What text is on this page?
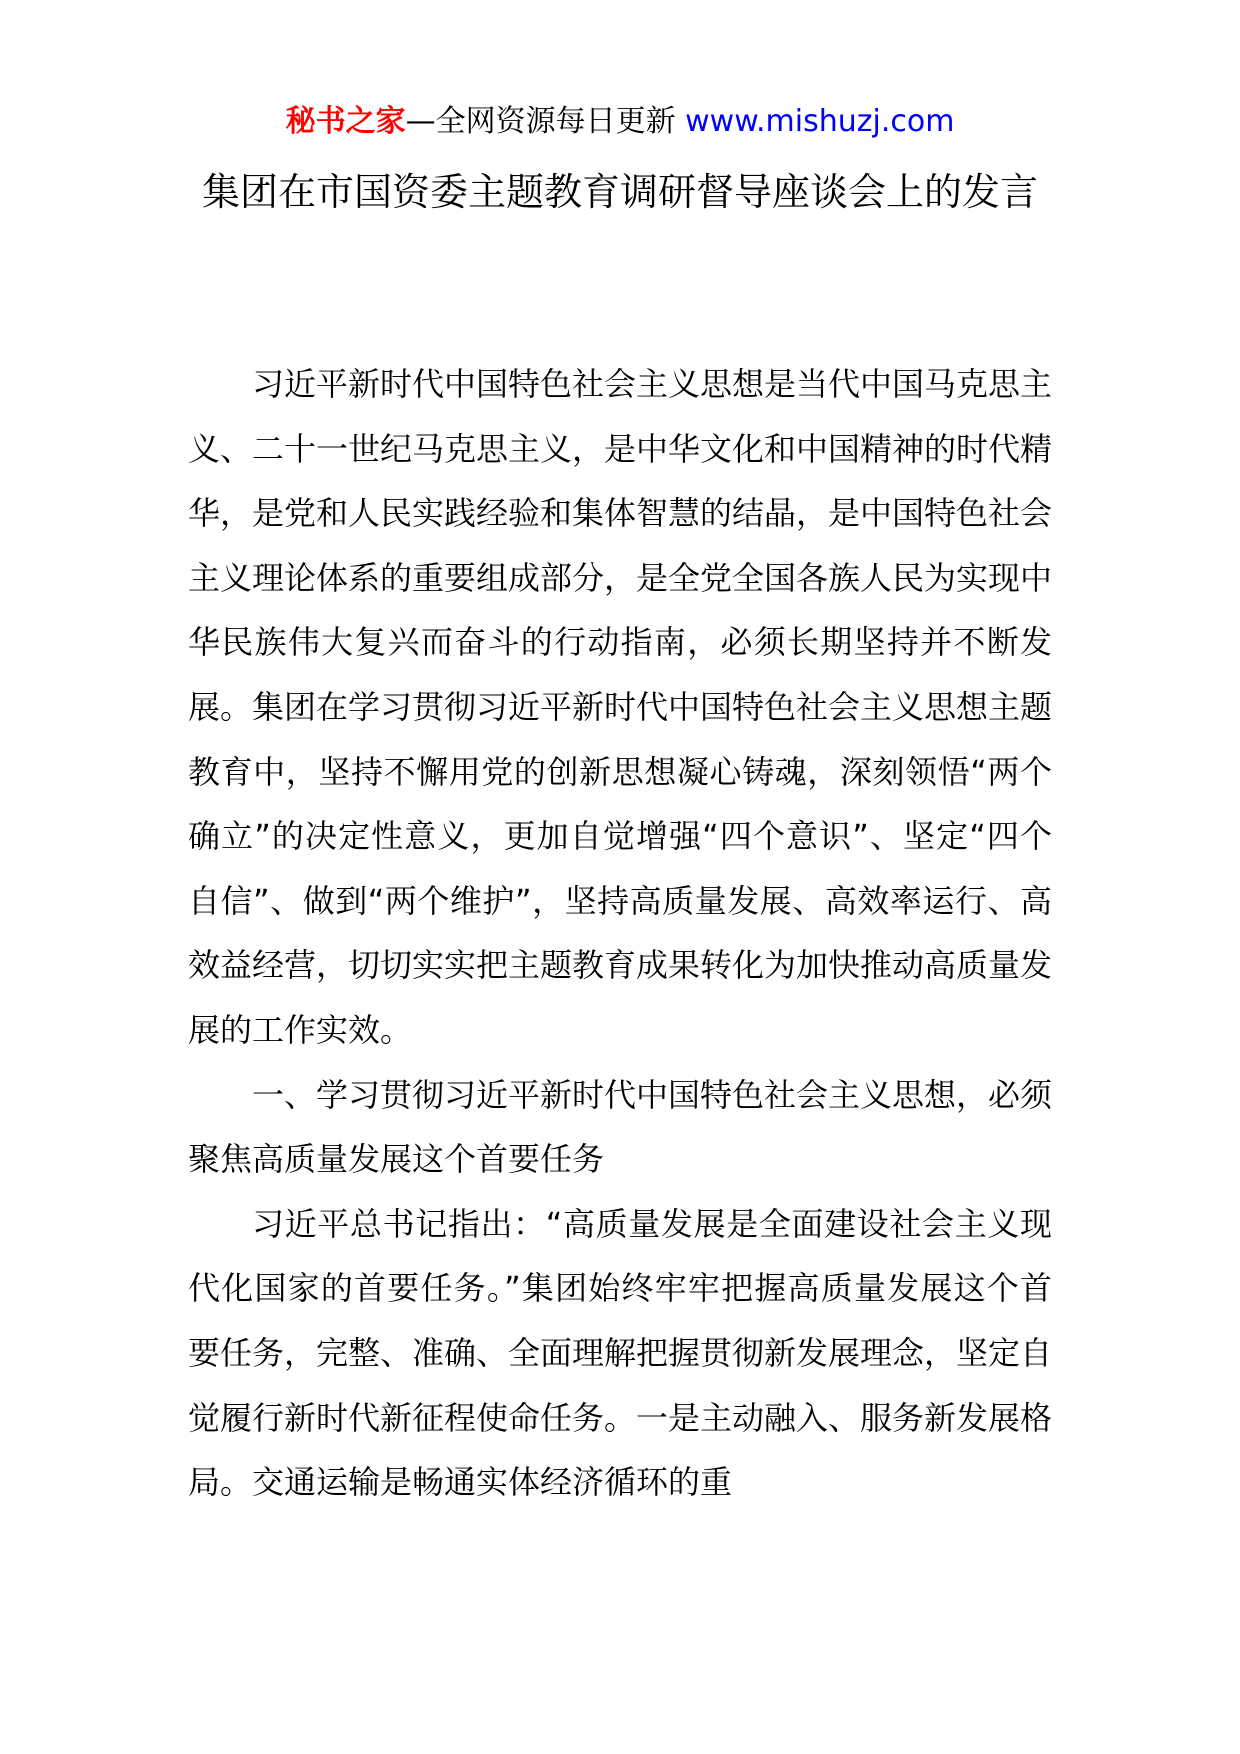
秘书之家—全网资源每日更新 www.mishuzj.com
集团在市国资委主题教育调研督导座谈会上的发言

习近平新时代中国特色社会主义思想是当代中国马克思主义、二十一世纪马克思主义，是中华文化和中国精神的时代精华，是党和人民实践经验和集体智慧的结晶，是中国特色社会主义理论体系的重要组成部分，是全党全国各族人民为实现中华民族伟大复兴而奋斗的行动指南，必须长期坚持并不断发展。集团在学习贯彻习近平新时代中国特色社会主义思想主题教育中，坚持不懈用党的创新思想凝心铸魂，深刻领悟“两个确立”的决定性意义，更加自觉增强“四个意识”、坚定“四个自信”、做到“两个维护”，坚持高质量发展、高效率运行、高效益经营，切切实实把主题教育成果转化为加快推动高质量发展的工作实效。

一、学习贯彻习近平新时代中国特色社会主义思想，必须聚焦高质量发展这个首要任务

习近平总书记指出：“高质量发展是全面建设社会主义现代化国家的首要任务。”集团始终牢牢把握高质量发展这个首要任务，完整、准确、全面理解把握贯彻新发展理念，坚定自觉履行新时代新征程使命任务。一是主动融入、服务新发展格局。交通运输是畅通实体经济循环的重
